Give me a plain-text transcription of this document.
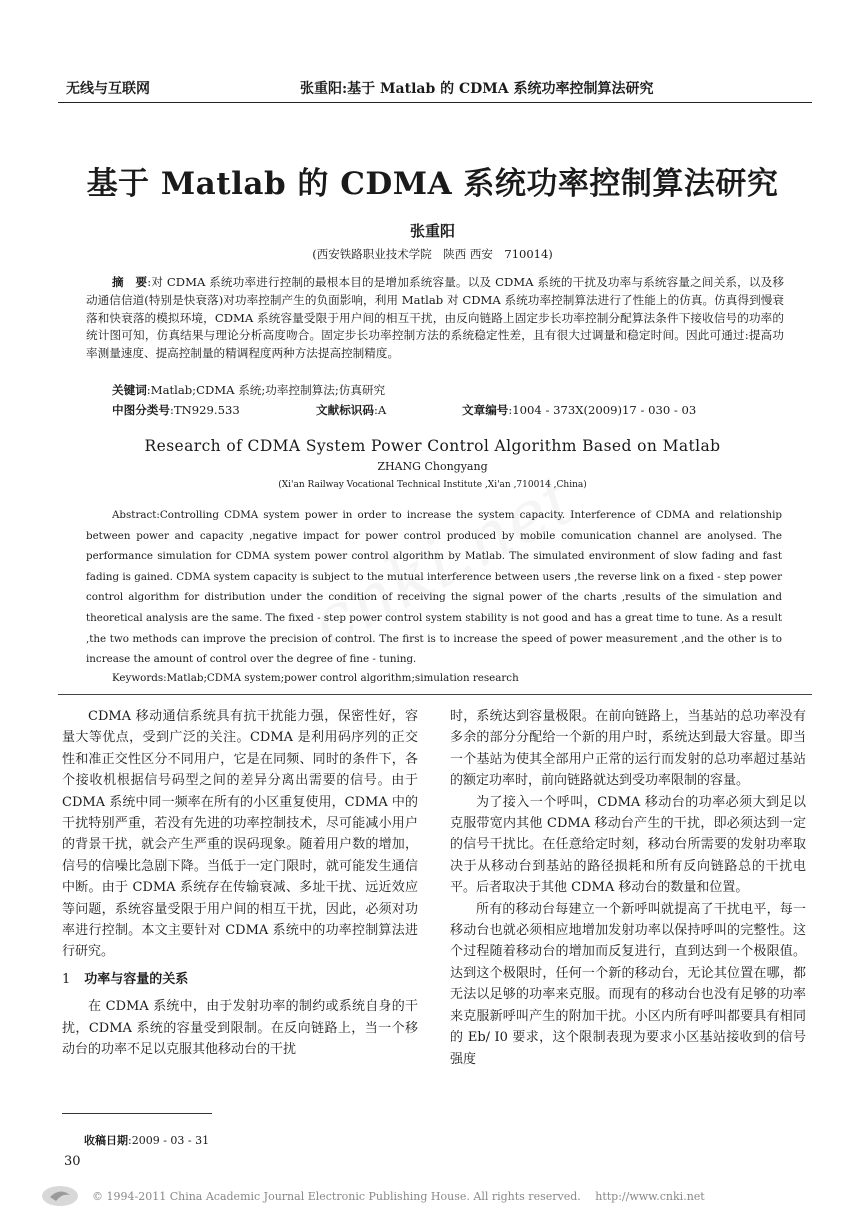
无线与互联网	张重阳:基于 Matlab 的 CDMA 系统功率控制算法研究
基于 Matlab 的 CDMA 系统功率控制算法研究
张重阳
(西安铁路职业技术学院　陕西 西安　710014)
摘　要:对 CDMA 系统功率进行控制的最根本目的是增加系统容量。以及 CDMA 系统的干扰及功率与系统容量之间关系，以及移动通信信道(特别是快衰落)对功率控制产生的负面影响，利用 Matlab 对 CDMA 系统功率控制算法进行了性能上的仿真。仿真得到慢衰落和快衰落的模拟环境，CDMA 系统容量受限于用户间的相互干扰，由反向链路上固定步长功率控制分配算法条件下接收信号的功率的统计图可知，仿真结果与理论分析高度吻合。固定步长功率控制方法的系统稳定性差，且有很大过调量和稳定时间。因此可通过:提高功率测量速度、提高控制量的精调程度两种方法提高控制精度。
关键词:Matlab;CDMA 系统;功率控制算法;仿真研究
中图分类号:TN929.533	文献标识码:A	文章编号:1004 - 373X(2009)17 - 030 - 03
Research of CDMA System Power Control Algorithm Based on Matlab
ZHANG Chongyang
(Xi'an Railway Vocational Technical Institute ,Xi'an ,710014 ,China)
Abstract:Controlling CDMA system power in order to increase the system capacity. Interference of CDMA and relationship between power and capacity ,negative impact for power control produced by mobile comunication channel are anolysed. The performance simulation for CDMA system power control algorithm by Matlab. The simulated environment of slow fading and fast fading is gained. CDMA system capacity is subject to the mutual interference between users ,the reverse link on a fixed - step power control algorithm for distribution under the condition of receiving the signal power of the charts ,results of the simulation and theoretical analysis are the same. The fixed - step power control system stability is not good and has a great time to tune. As a result ,the two methods can improve the precision of control. The first is to increase the speed of power measurement ,and the other is to increase the amount of control over the degree of fine - tuning.
Keywords:Matlab;CDMA system;power control algorithm;simulation research

CDMA 移动通信系统具有抗干扰能力强，保密性好，容量大等优点，受到广泛的关注。CDMA 是利用码序列的正交性和准正交性区分不同用户，它是在同频、同时的条件下，各个接收机根据信号码型之间的差异分离出需要的信号。由于 CDMA 系统中同一频率在所有的小区重复使用，CDMA 中的干扰特别严重，若没有先进的功率控制技术，尽可能减小用户的背景干扰，就会产生严重的误码现象。随着用户数的增加，信号的信噪比急剧下降。当低于一定门限时，就可能发生通信中断。由于 CDMA 系统存在传输衰减、多址干扰、远近效应等问题，系统容量受限于用户间的相互干扰，因此，必须对功率进行控制。本文主要针对 CDMA 系统中的功率控制算法进行研究。

1 功率与容量的关系

在 CDMA 系统中，由于发射功率的制约或系统自身的干扰，CDMA 系统的容量受到限制。在反向链路上，当一个移动台的功率不足以克服其他移动台的干扰

时，系统达到容量极限。在前向链路上，当基站的总功率没有多余的部分分配给一个新的用户时，系统达到最大容量。即当一个基站为使其全部用户正常的运行而发射的总功率超过基站的额定功率时，前向链路就达到受功率限制的容量。

为了接入一个呼叫，CDMA 移动台的功率必须大到足以克服带宽内其他 CDMA 移动台产生的干扰，即必须达到一定的信号干扰比。在任意给定时刻，移动台所需要的发射功率取决于从移动台到基站的路径损耗和所有反向链路总的干扰电平。后者取决于其他 CDMA 移动台的数量和位置。

所有的移动台每建立一个新呼叫就提高了干扰电平，每一移动台也就必须相应地增加发射功率以保持呼叫的完整性。这个过程随着移动台的增加而反复进行，直到达到一个极限值。达到这个极限时，任何一个新的移动台，无论其位置在哪，都无法以足够的功率来克服。而现有的移动台也没有足够的功率来克服新呼叫产生的附加干扰。小区内所有呼叫都要具有相同的 Eb/ I0 要求，这个限制表现为要求小区基站接收到的信号强度

收稿日期:2009 - 03 - 31
30
© 1994-2011 China Academic Journal Electronic Publishing House. All rights reserved.　 http://www.cnki.net
